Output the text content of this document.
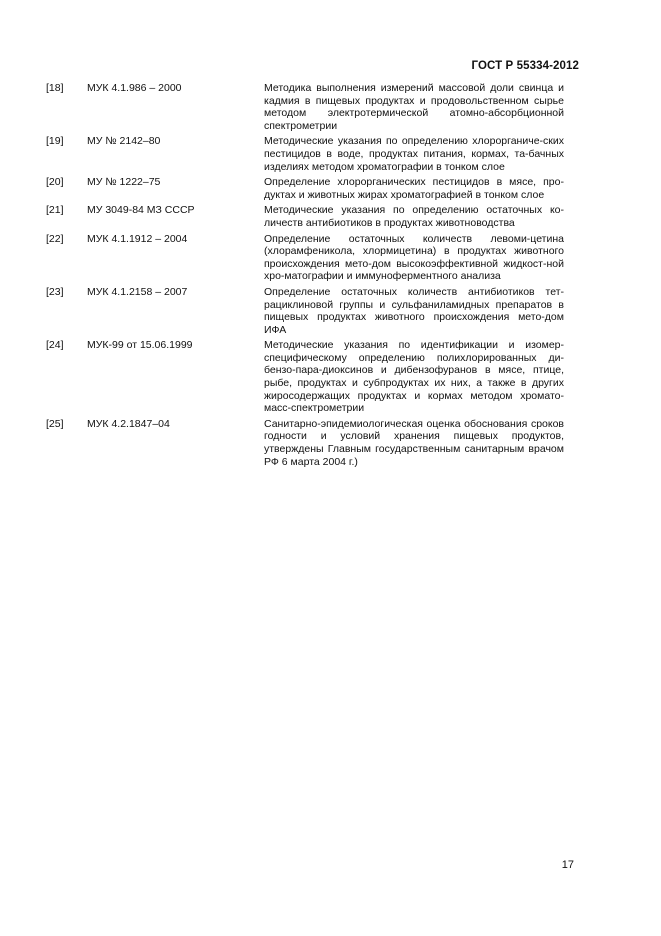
ГОСТ Р 55334-2012
[18] МУК 4.1.986 – 2000	Методика выполнения измерений массовой доли свинца и кадмия в пищевых продуктах и продовольственном сырье методом электротермической атомно-абсорбционной спектрометрии
[19] МУ № 2142–80	Методические указания по определению хлорорганиче-ских пестицидов в воде, продуктах питания, кормах, та-бачных изделиях методом хроматографии в тонком слое
[20] МУ № 1222–75	Определение хлорорганических пестицидов в мясе, про-дуктах и животных жирах хроматографией в тонком слое
[21] МУ 3049-84 МЗ СССР	Методические указания по определению остаточных ко-личеств антибиотиков в продуктах животноводства
[22] МУК 4.1.1912 – 2004	Определение остаточных количеств левоми-цетина (хлорамфеникола, хлормицетина) в продуктах животного происхождения мето-дом высокоэффективной жидкост-ной хро-матографии и иммуноферментного анализа
[23] МУК 4.1.2158 – 2007	Определение остаточных количеств антибиотиков тет-рациклиновой группы и сульфаниламидных препаратов в пищевых продуктах животного происхождения мето-дом ИФА
[24] МУК-99 от 15.06.1999	Методические указания по идентификации и изомер-специфическому определению полихлорированных ди-бензо-пара-диоксинов и дибензофуранов в мясе, птице, рыбе, продуктах и субпродуктах их них, а также в других жиросодержащих продуктах и кормах методом хромато-масс-спектрометрии
[25] МУК 4.2.1847–04	Санитарно-эпидемиологическая оценка обоснования сроков годности и условий хранения пищевых продуктов, утверждены Главным государственным санитарным врачом РФ 6 марта 2004 г.)
17
